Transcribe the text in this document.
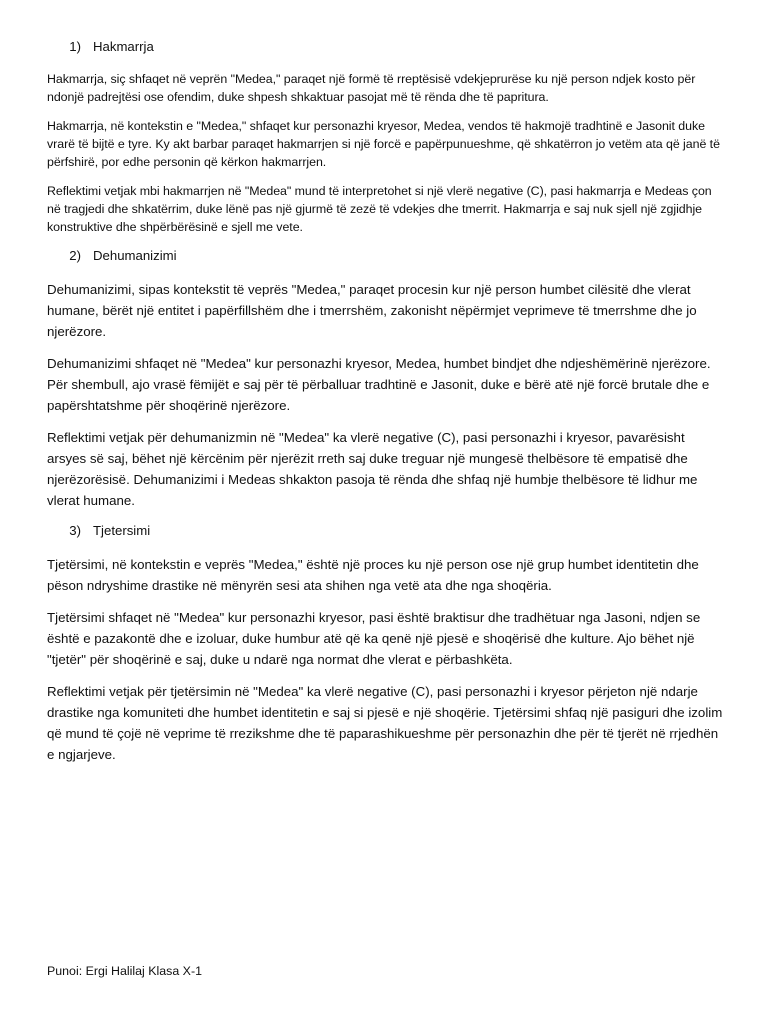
1) Hakmarrja

Hakmarrja, siç shfaqet në veprën "Medea," paraqet një formë të rreptësisë vdekjeprurëse ku një person ndjek kosto për ndonjë padrejtësi ose ofendim, duke shpesh shkaktuar pasojat më të rënda dhe të papritura.

Hakmarrja, në kontekstin e "Medea," shfaqet kur personazhi kryesor, Medea, vendos të hakmojë tradhtinë e Jasonit duke vrarë të bijtë e tyre. Ky akt barbar paraqet hakmarrjen si një forcë e papërpunueshme, që shkatërron jo vetëm ata që janë të përfshirë, por edhe personin që kërkon hakmarrjen.

Reflektimi vetjak mbi hakmarrjen në "Medea" mund të interpretohet si një vlerë negative (C), pasi hakmarrja e Medeas çon në tragjedi dhe shkatërrim, duke lënë pas një gjurmë të zezë të vdekjes dhe tmerrit. Hakmarrja e saj nuk sjell një zgjidhje konstruktive dhe shpërbërësinë e sjell me vete.

2) Dehumanizimi

Dehumanizimi, sipas kontekstit të veprës "Medea," paraqet procesin kur një person humbet cilësitë dhe vlerat humane, bërët një entitet i papërfillshëm dhe i tmerrshëm, zakonisht nëpërmjet veprimeve të tmerrshme dhe jo njerëzore.

Dehumanizimi shfaqet në "Medea" kur personazhi kryesor, Medea, humbet bindjet dhe ndjeshëmërinë njerëzore. Për shembull, ajo vrasë fëmijët e saj për të përballuar tradhtinë e Jasonit, duke e bërë atë një forcë brutale dhe e papërshtatshme për shoqërinë njerëzore.

Reflektimi vetjak për dehumanizmin në "Medea" ka vlerë negative (C), pasi personazhi i kryesor, pavarësisht arsyes së saj, bëhet një kërcënim për njerëzit rreth saj duke treguar një mungesë thelbësore të empatisë dhe njerëzorësisë. Dehumanizimi i Medeas shkakton pasoja të rënda dhe shfaq një humbje thelbësore të lidhur me vlerat humane.

3) Tjetersimi

Tjetërsimi, në kontekstin e veprës "Medea," është një proces ku një person ose një grup humbet identitetin dhe pëson ndryshime drastike në mënyrën sesi ata shihen nga vetë ata dhe nga shoqëria.

Tjetërsimi shfaqet në "Medea" kur personazhi kryesor, pasi është braktisur dhe tradhëtuar nga Jasoni, ndjen se është e pazakontë dhe e izoluar, duke humbur atë që ka qenë një pjesë e shoqërisë dhe kulture. Ajo bëhet një "tjetër" për shoqërinë e saj, duke u ndarë nga normat dhe vlerat e përbashkëta.

Reflektimi vetjak për tjetërsimin në "Medea" ka vlerë negative (C), pasi personazhi i kryesor përjeton një ndarje drastike nga komuniteti dhe humbet identitetin e saj si pjesë e një shoqërie. Tjetërsimi shfaq një pasiguri dhe izolim që mund të çojë në veprime të rrezikshme dhe të paparashikueshme për personazhin dhe për të tjerët në rrjedhën e ngjarjeve.

Punoi: Ergi Halilaj Klasa X-1
